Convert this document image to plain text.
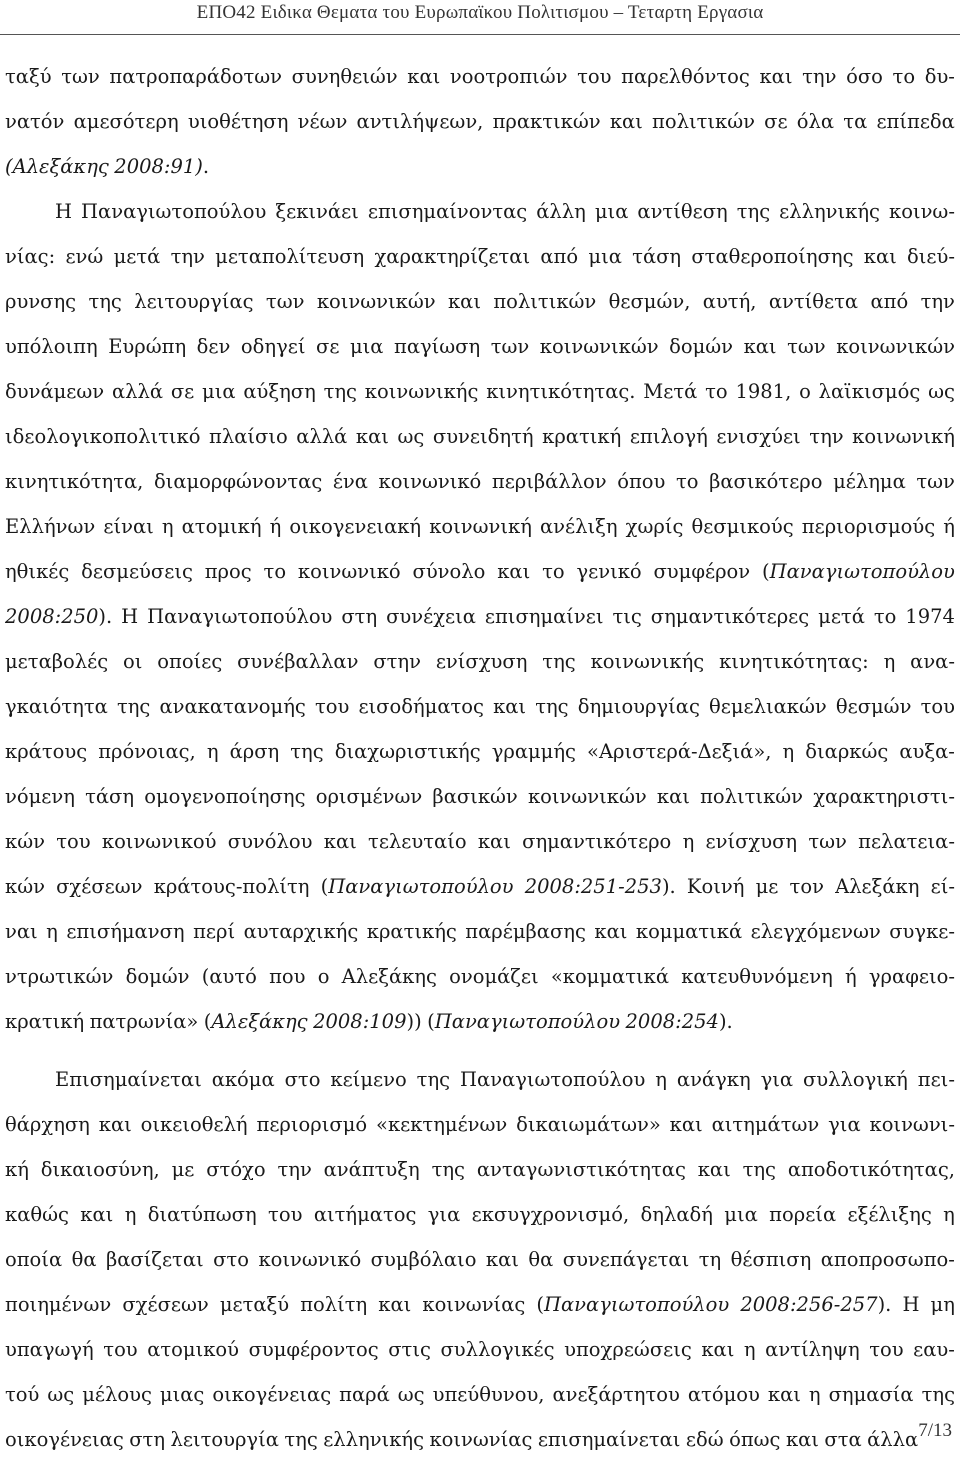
ΕΠΟ42 Ειδικα Θεματα του Ευρωπαϊκου Πολιτισμου – Τεταρτη Εργασια
ταξύ των πατροπαράδοτων συνηθειών και νοοτροπιών του παρελθόντος και την όσο το δυ-
νατόν αμεσότερη υιοθέτηση νέων αντιλήψεων, πρακτικών και πολιτικών σε όλα τα επίπεδα
(Αλεξάκης 2008:91).
Η Παναγιωτοπούλου ξεκινάει επισημαίνοντας άλλη μια αντίθεση της ελληνικής κοινω-
νίας: ενώ μετά την μεταπολίτευση χαρακτηρίζεται από μια τάση σταθεροποίησης και διεύ-
ρυνσης της λειτουργίας των κοινωνικών και πολιτικών θεσμών, αυτή, αντίθετα από την
υπόλοιπη Ευρώπη δεν οδηγεί σε μια παγίωση των κοινωνικών δομών και των κοινωνικών
δυνάμεων αλλά σε μια αύξηση της κοινωνικής κινητικότητας. Μετά το 1981, ο λαϊκισμός ως
ιδεολογικοπολιτικό πλαίσιο αλλά και ως συνειδητή κρατική επιλογή ενισχύει την κοινωνική
κινητικότητα, διαμορφώνοντας ένα κοινωνικό περιβάλλον όπου το βασικότερο μέλημα των
Ελλήνων είναι η ατομική ή οικογενειακή κοινωνική ανέλιξη χωρίς θεσμικούς περιορισμούς ή
ηθικές δεσμεύσεις προς το κοινωνικό σύνολο και το γενικό συμφέρον (Παναγιωτοπούλου
2008:250). Η Παναγιωτοπούλου στη συνέχεια επισημαίνει τις σημαντικότερες μετά το 1974
μεταβολές οι οποίες συνέβαλλαν στην ενίσχυση της κοινωνικής κινητικότητας: η ανα-
γκαιότητα της ανακατανομής του εισοδήματος και της δημιουργίας θεμελιακών θεσμών του
κράτους πρόνοιας, η άρση της διαχωριστικής γραμμής «Αριστερά-Δεξιά», η διαρκώς αυξα-
νόμενη τάση ομογενοποίησης ορισμένων βασικών κοινωνικών και πολιτικών χαρακτηριστι-
κών του κοινωνικού συνόλου και τελευταίο και σημαντικότερο η ενίσχυση των πελατεια-
κών σχέσεων κράτους-πολίτη (Παναγιωτοπούλου 2008:251-253). Κοινή με τον Αλεξάκη εί-
ναι η επισήμανση περί αυταρχικής κρατικής παρέμβασης και κομματικά ελεγχόμενων συγκε-
ντρωτικών δομών (αυτό που ο Αλεξάκης ονομάζει «κομματικά κατευθυνόμενη ή γραφειο-
κρατική πατρωνία» (Αλεξάκης 2008:109)) (Παναγιωτοπούλου 2008:254).
Επισημαίνεται ακόμα στο κείμενο της Παναγιωτοπούλου η ανάγκη για συλλογική πει-
θάρχηση και οικειοθελή περιορισμό «κεκτημένων δικαιωμάτων» και αιτημάτων για κοινωνι-
κή δικαιοσύνη, με στόχο την ανάπτυξη της ανταγωνιστικότητας και της αποδοτικότητας,
καθώς και η διατύπωση του αιτήματος για εκσυγχρονισμό, δηλαδή μια πορεία εξέλιξης η
οποία θα βασίζεται στο κοινωνικό συμβόλαιο και θα συνεπάγεται τη θέσπιση αποπροσωπο-
ποιημένων σχέσεων μεταξύ πολίτη και κοινωνίας (Παναγιωτοπούλου 2008:256-257). Η μη
υπαγωγή του ατομικού συμφέροντος στις συλλογικές υποχρεώσεις και η αντίληψη του εαυ-
τού ως μέλους μιας οικογένειας παρά ως υπεύθυνου, ανεξάρτητου ατόμου και η σημασία της
οικογένειας στη λειτουργία της ελληνικής κοινωνίας επισημαίνεται εδώ όπως και στα άλλα 7/13
